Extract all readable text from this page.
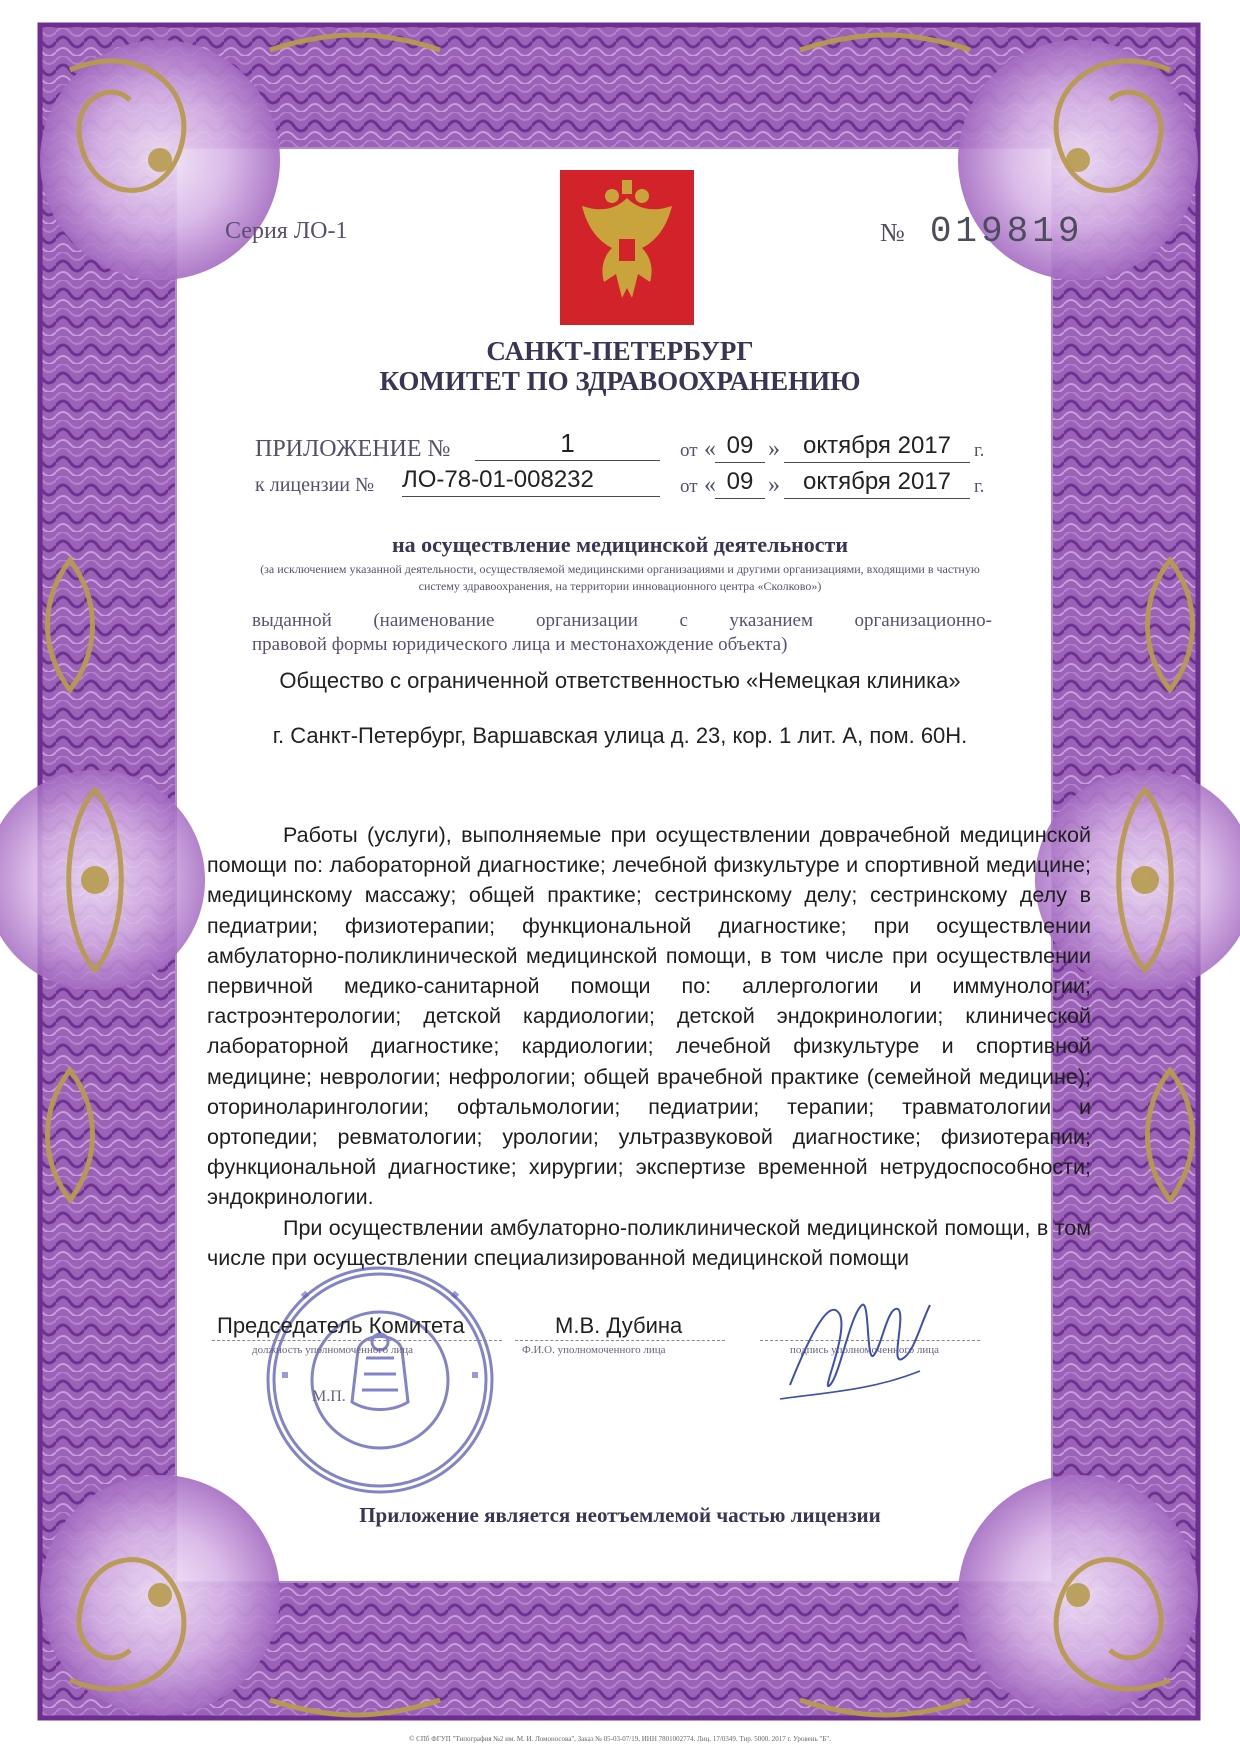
Серия ЛО-1	№ 019819
САНКТ-ПЕТЕРБУРГ
КОМИТЕТ ПО ЗДРАВООХРАНЕНИЮ
ПРИЛОЖЕНИЕ №	1	от « 09 » октября 2017	г.
к лицензии № ЛО-78-01-008232	от « 09 » октября 2017	г.
на осуществление медицинской деятельности
(за исключением указанной деятельности, осуществляемой медицинскими организациями и другими организациями, входящими в частную систему здравоохранения, на территории инновационного центра «Сколково»)
выданной (наименование организации с указанием организационно-
правовой формы юридического лица и местонахождение объекта)
Общество с ограниченной ответственностью «Немецкая клиника»
г. Санкт-Петербург, Варшавская улица д. 23, кор. 1 лит. А, пом. 60Н.

Работы (услуги), выполняемые при осуществлении доврачебной медицинской помощи по: лабораторной диагностике; лечебной физкультуре и спортивной медицине; медицинскому массажу; общей практике; сестринскому делу; сестринскому делу в педиатрии; физиотерапии; функциональной диагностике; при осуществлении амбулаторно-поликлинической медицинской помощи, в том числе при осуществлении первичной медико-санитарной помощи по: аллергологии и иммунологии; гастроэнтерологии; детской кардиологии; детской эндокринологии; клинической лабораторной диагностике; кардиологии; лечебной физкультуре и спортивной медицине; неврологии; нефрологии; общей врачебной практике (семейной медицине); оториноларингологии; офтальмологии; педиатрии; терапии; травматологии и ортопедии; ревматологии; урологии; ультразвуковой диагностике; физиотерапии; функциональной диагностике; хирургии; экспертизе временной нетрудоспособности; эндокринологии.

При осуществлении амбулаторно-поликлинической медицинской помощи, в том числе при осуществлении специализированной медицинской помощи

Председатель Комитета
должность уполномоченного лица
М.В. Дубина
Ф.И.О. уполномоченного лица	подпись уполномоченного лица
М.П.
Приложение является неотъемлемой частью лицензии
© СПб ФГУП "Типография №2 им. М. И. Ломоносова", Заказ № 05-03-07/19, ИНН 7801002774. Лиц. 17/0349. Тир. 5000. 2017 г. Уровень "Б".
